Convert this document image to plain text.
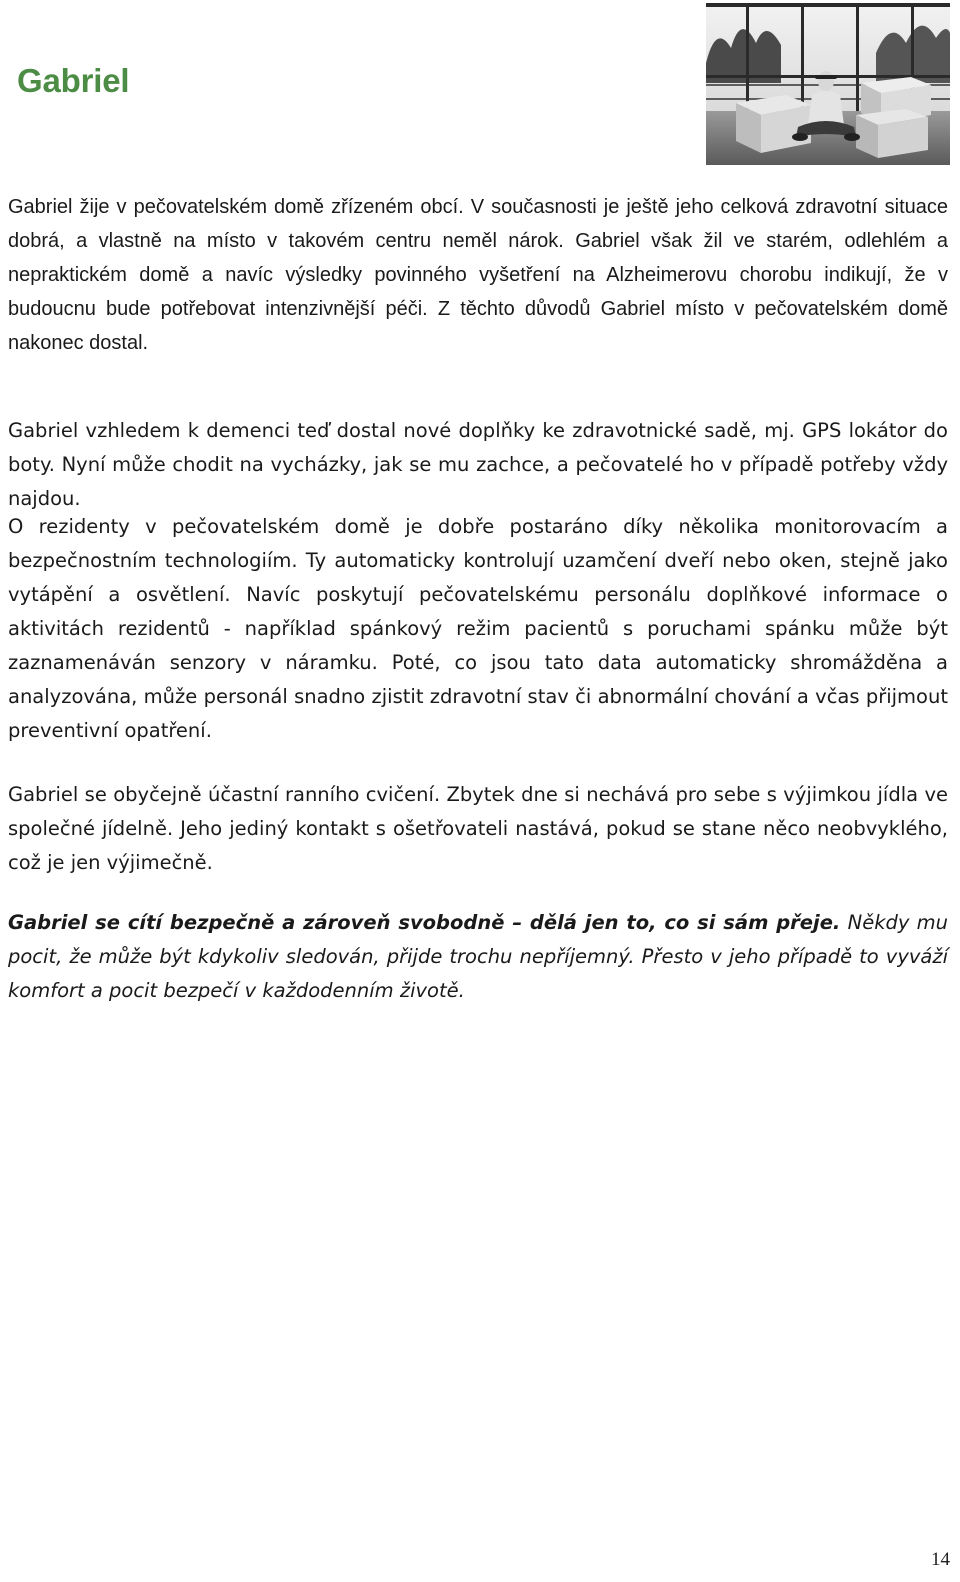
Gabriel

Gabriel žije v pečovatelském domě zřízeném obcí. V současnosti je ještě jeho celková zdravotní situace dobrá, a vlastně na místo v takovém centru neměl nárok. Gabriel však žil ve starém, odlehlém a nepraktickém domě a navíc výsledky povinného vyšetření na Alzheimerovu chorobu indikují, že v budoucnu bude potřebovat intenzivnější péči. Z těchto důvodů Gabriel místo v pečovatelském domě nakonec dostal.

Gabriel vzhledem k demenci teď dostal nové doplňky ke zdravotnické sadě, mj. GPS lokátor do boty. Nyní může chodit na vycházky, jak se mu zachce, a pečovatelé ho v případě potřeby vždy najdou.

O rezidenty v pečovatelském domě je dobře postaráno díky několika monitorovacím a bezpečnostním technologiím. Ty automaticky kontrolují uzamčení dveří nebo oken, stejně jako vytápění a osvětlení. Navíc poskytují pečovatelskému personálu doplňkové informace o aktivitách rezidentů - například spánkový režim pacientů s poruchami spánku může být zaznamenáván senzory v náramku. Poté, co jsou tato data automaticky shromážděna a analyzována, může personál snadno zjistit zdravotní stav či abnormální chování a včas přijmout preventivní opatření.

Gabriel se obyčejně účastní ranního cvičení. Zbytek dne si nechává pro sebe s výjimkou jídla ve společné jídelně. Jeho jediný kontakt s ošetřovateli nastává, pokud se stane něco neobvyklého, což je jen výjimečně.

Gabriel se cítí bezpečně a zároveň svobodně – dělá jen to, co si sám přeje. Někdy mu pocit, že může být kdykoliv sledován, přijde trochu nepříjemný. Přesto v jeho případě to vyváží komfort a pocit bezpečí v každodenním životě.

14
